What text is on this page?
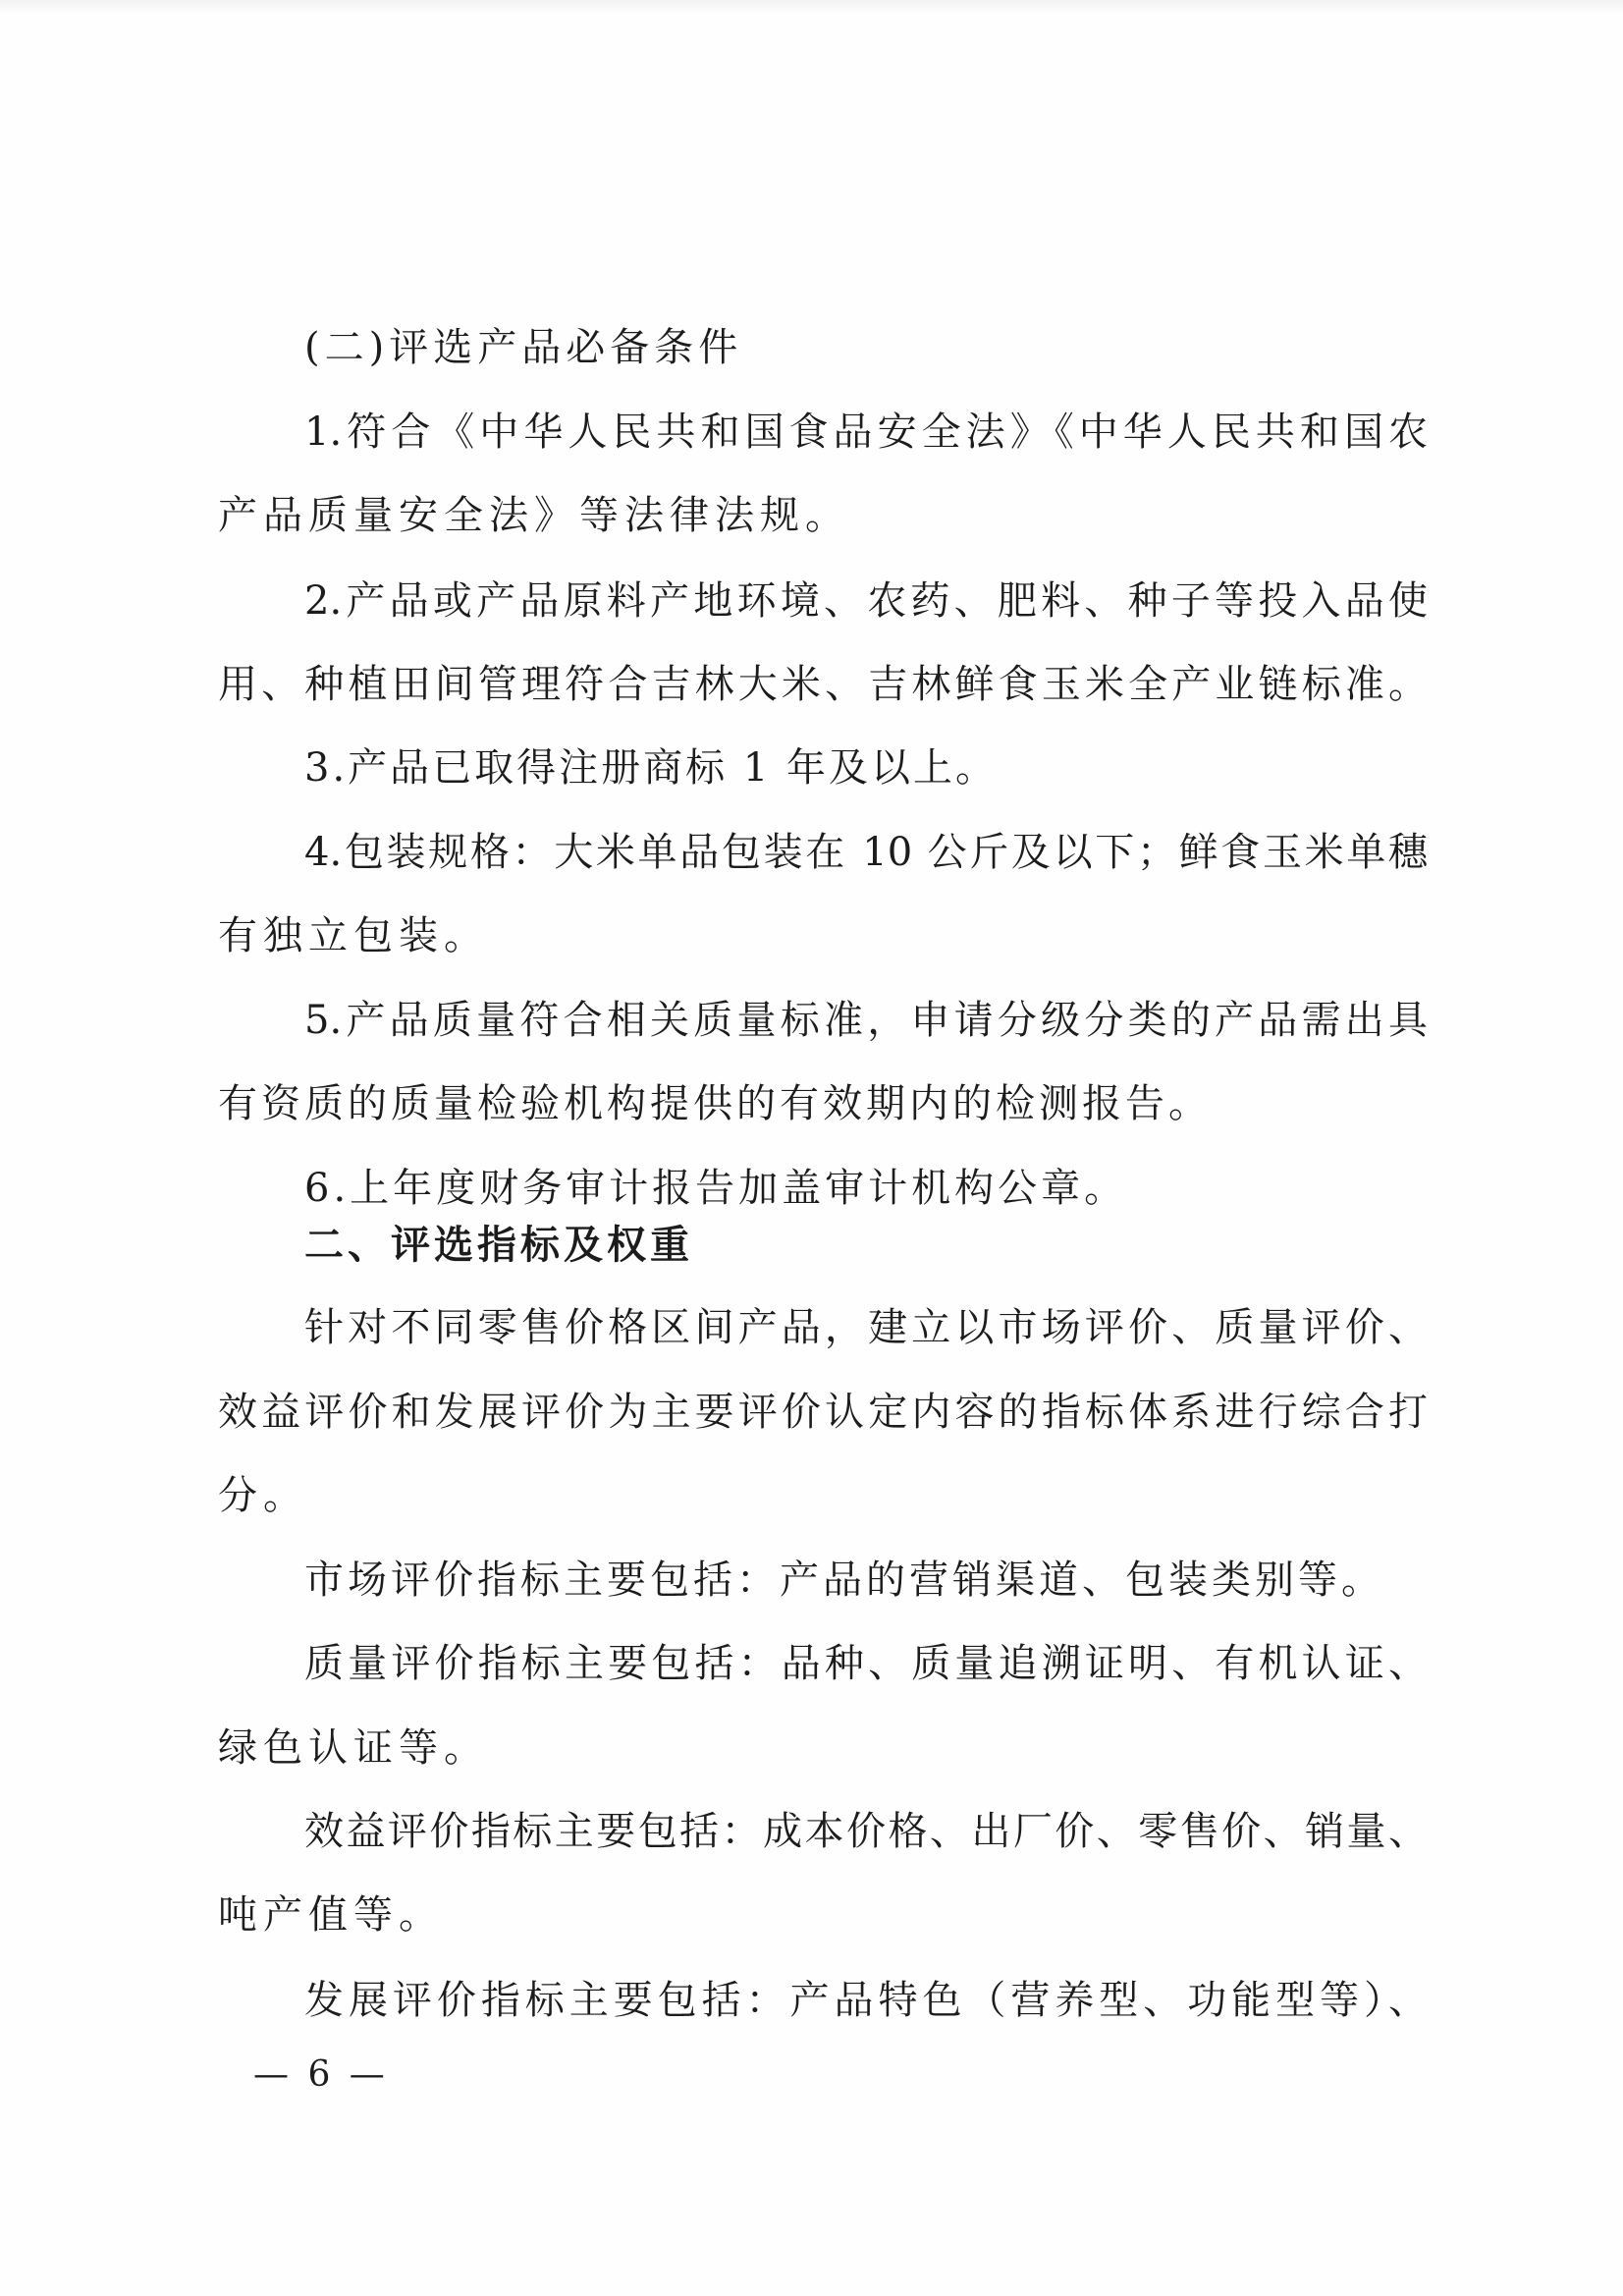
(二)评选产品必备条件

1.符合《中华人民共和国食品安全法》《中华人民共和国农

产品质量安全法》等法律法规。

2.产品或产品原料产地环境、农药、肥料、种子等投入品使

用、种植田间管理符合吉林大米、吉林鲜食玉米全产业链标准。

3.产品已取得注册商标 1 年及以上。

4.包装规格：大米单品包装在 10 公斤及以下；鲜食玉米单穗

有独立包装。

5.产品质量符合相关质量标准，申请分级分类的产品需出具

有资质的质量检验机构提供的有效期内的检测报告。

6.上年度财务审计报告加盖审计机构公章。

二、评选指标及权重

针对不同零售价格区间产品，建立以市场评价、质量评价、

效益评价和发展评价为主要评价认定内容的指标体系进行综合打

分。

市场评价指标主要包括：产品的营销渠道、包装类别等。

质量评价指标主要包括：品种、质量追溯证明、有机认证、

绿色认证等。

效益评价指标主要包括：成本价格、出厂价、零售价、销量、

吨产值等。

发展评价指标主要包括：产品特色（营养型、功能型等）、

— 6 —
